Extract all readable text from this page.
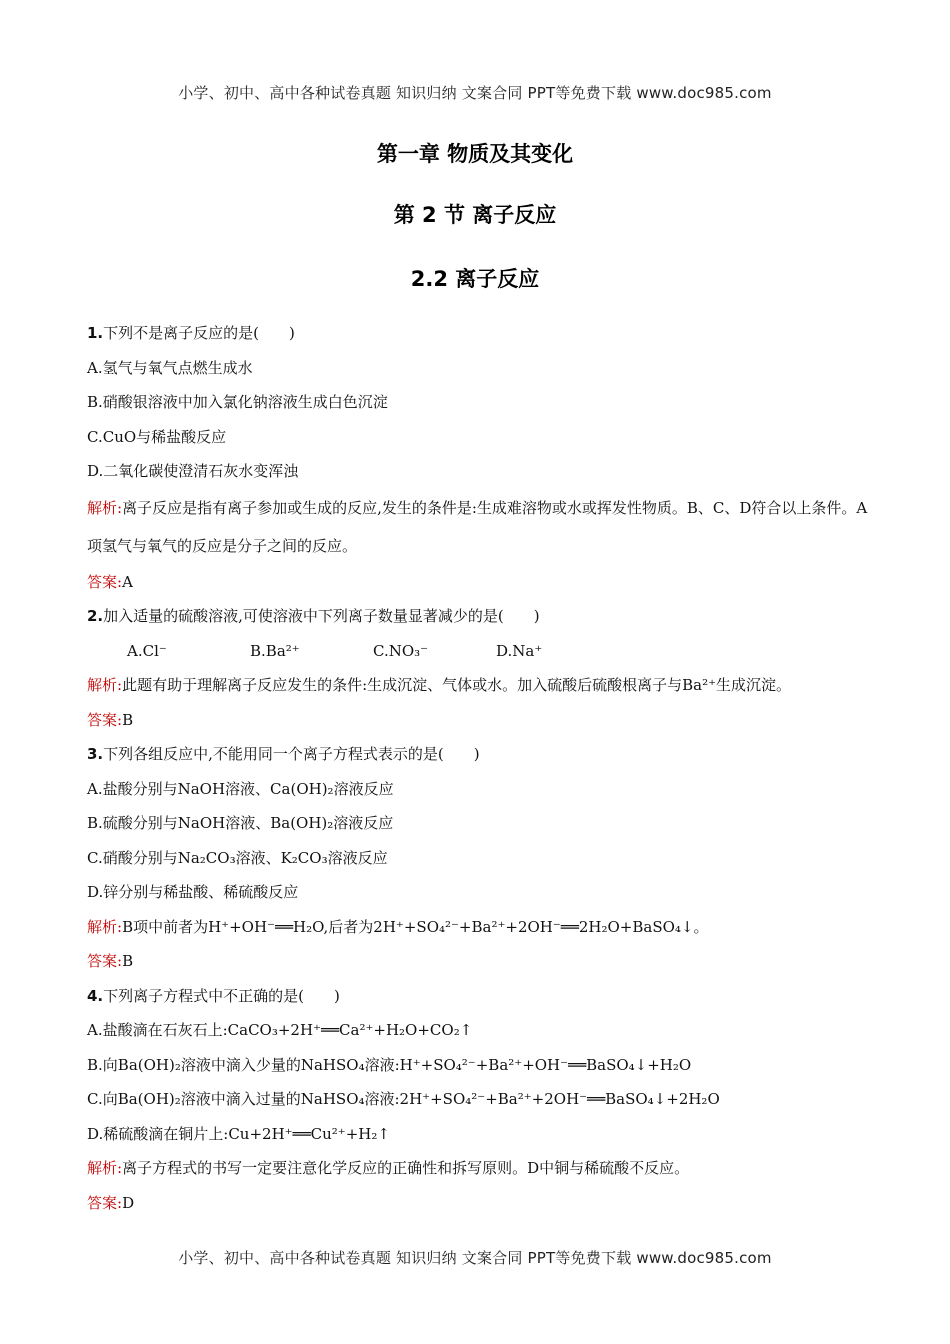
小学、初中、高中各种试卷真题 知识归纳 文案合同 PPT等免费下载 www.doc985.com
第一章 物质及其变化
第 2 节 离子反应
2.2 离子反应
1.下列不是离子反应的是(　　)
A.氢气与氧气点燃生成水
B.硝酸银溶液中加入氯化钠溶液生成白色沉淀
C.CuO与稀盐酸反应
D.二氧化碳使澄清石灰水变浑浊
解析:离子反应是指有离子参加或生成的反应,发生的条件是:生成难溶物或水或挥发性物质。B、C、D符合以上条件。A项氢气与氧气的反应是分子之间的反应。
答案:A
2.加入适量的硫酸溶液,可使溶液中下列离子数量显著减少的是(　　)
A.Cl⁻	B.Ba²⁺	C.NO₃⁻	D.Na⁺
解析:此题有助于理解离子反应发生的条件:生成沉淀、气体或水。加入硫酸后硫酸根离子与Ba²⁺生成沉淀。
答案:B
3.下列各组反应中,不能用同一个离子方程式表示的是(　　)
A.盐酸分别与NaOH溶液、Ca(OH)₂溶液反应
B.硫酸分别与NaOH溶液、Ba(OH)₂溶液反应
C.硝酸分别与Na₂CO₃溶液、K₂CO₃溶液反应
D.锌分别与稀盐酸、稀硫酸反应
解析:B项中前者为H⁺+OH⁻══H₂O,后者为2H⁺+SO₄²⁻+Ba²⁺+2OH⁻══2H₂O+BaSO₄↓。
答案:B
4.下列离子方程式中不正确的是(　　)
A.盐酸滴在石灰石上:CaCO₃+2H⁺══Ca²⁺+H₂O+CO₂↑
B.向Ba(OH)₂溶液中滴入少量的NaHSO₄溶液:H⁺+SO₄²⁻+Ba²⁺+OH⁻══BaSO₄↓+H₂O
C.向Ba(OH)₂溶液中滴入过量的NaHSO₄溶液:2H⁺+SO₄²⁻+Ba²⁺+2OH⁻══BaSO₄↓+2H₂O
D.稀硫酸滴在铜片上:Cu+2H⁺══Cu²⁺+H₂↑
解析:离子方程式的书写一定要注意化学反应的正确性和拆写原则。D中铜与稀硫酸不反应。
答案:D
小学、初中、高中各种试卷真题 知识归纳 文案合同 PPT等免费下载 www.doc985.com
